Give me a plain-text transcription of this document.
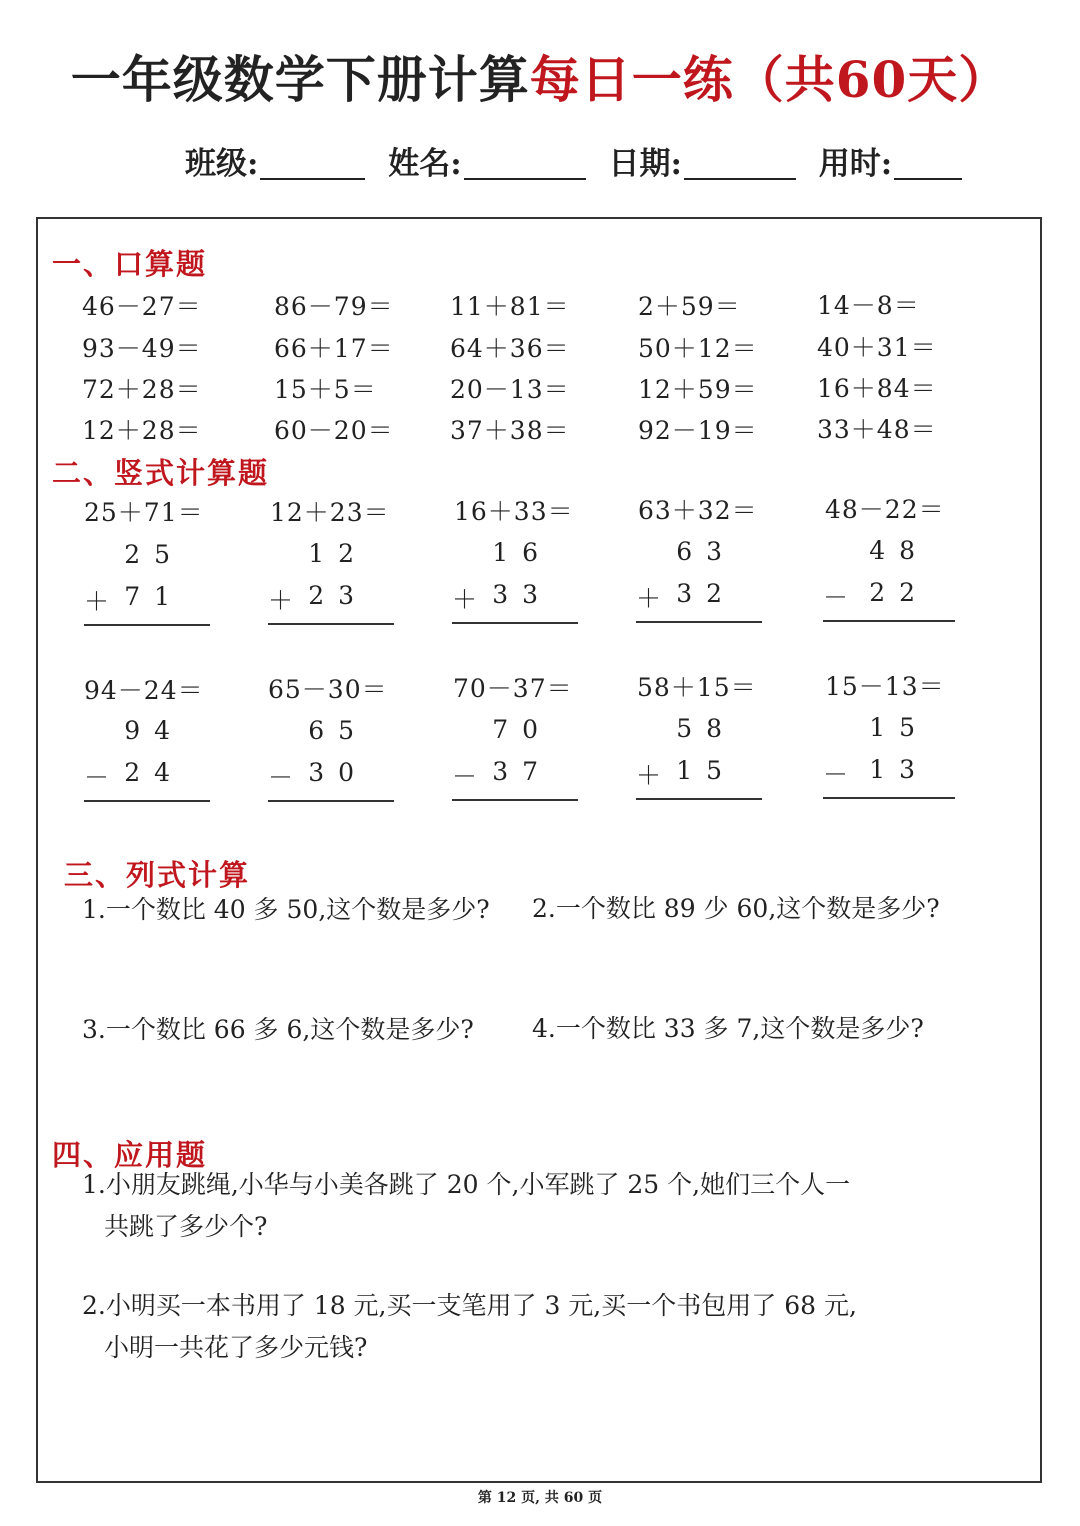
一年级数学下册计算每日一练（共60天）
班级:	姓名:	日期:	用时:
一、口算题
46－27＝	86－79＝ 11＋81＝	2＋59＝	14－8＝
93－49＝	66＋17＝ 64＋36＝	50＋12＝ 40＋31＝
72＋28＝	15＋5＝	20－13＝	12＋59＝ 16＋84＝
12＋28＝	60－20＝ 37＋38＝	92－19＝ 33＋48＝
二、竖式计算题
25＋71＝
25
＋ 71
12＋23＝
12
＋ 23
16＋33＝
16
＋ 33
63＋32＝
63
＋ 32
48－22＝
48
－ 22
94－24＝
94
－ 24
65－30＝
65
－ 30
70－37＝
70
－ 37
58＋15＝
58
＋ 15
15－13＝
15
－ 13
三、列式计算
1.一个数比 40 多 50,这个数是多少? 2.一个数比 89 少 60,这个数是多少?
3.一个数比 66 多 6,这个数是多少? 4.一个数比 33 多 7,这个数是多少?
四、应用题
1.小朋友跳绳,小华与小美各跳了 20 个,小军跳了 25 个,她们三个人一
共跳了多少个?
2.小明买一本书用了 18 元,买一支笔用了 3 元,买一个书包用了 68 元,
小明一共花了多少元钱?
第 12 页, 共 60 页
